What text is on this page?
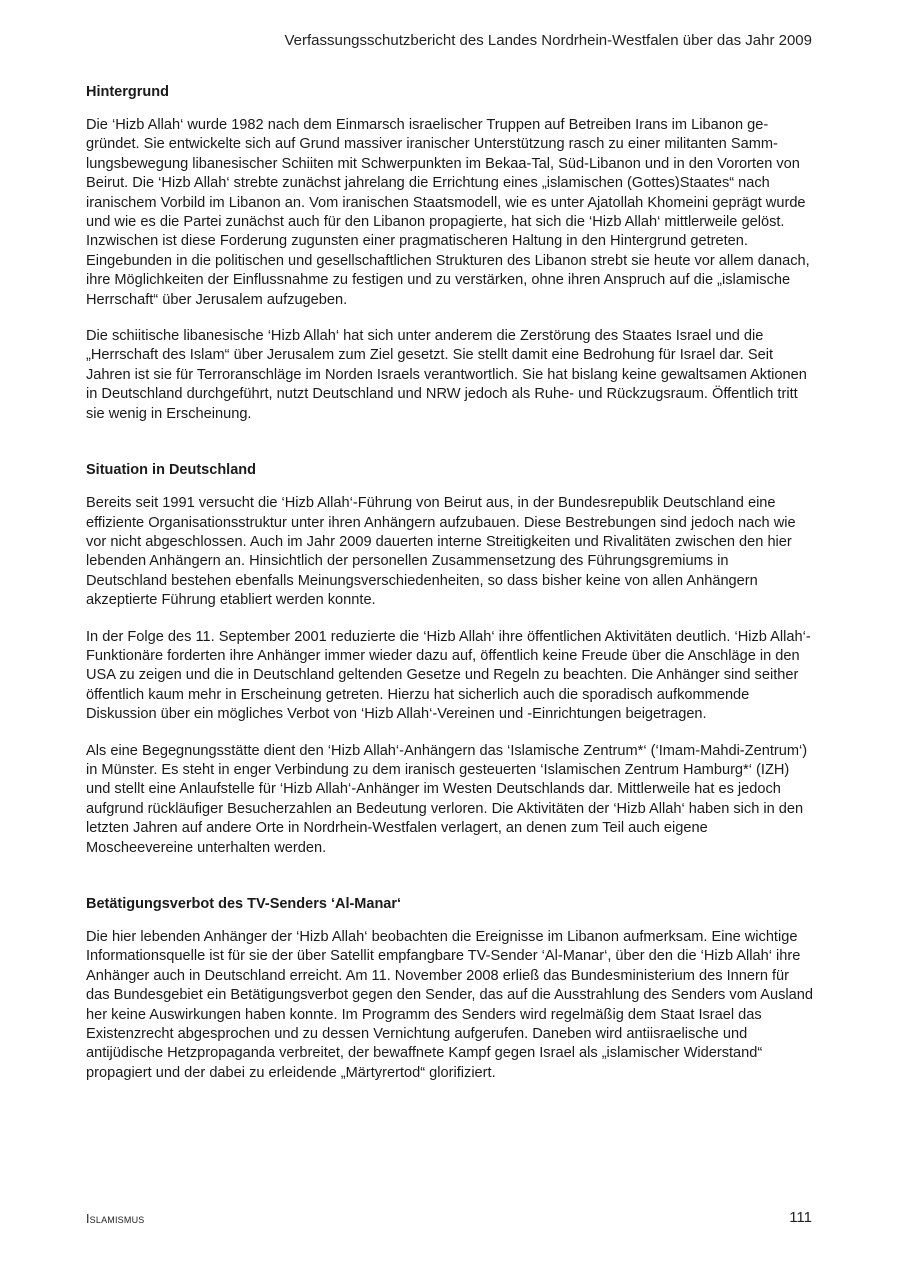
Verfassungsschutzbericht des Landes Nordrhein-Westfalen über das Jahr 2009
Hintergrund

Die ‘Hizb Allah‘ wurde 1982 nach dem Einmarsch israelischer Truppen auf Betreiben Irans im Libanon gegründet. Sie entwickelte sich auf Grund massiver iranischer Unterstützung rasch zu einer militanten Sammlungsbewegung libanesischer Schiiten mit Schwerpunkten im Bekaa-Tal, Süd-Libanon und in den Vororten von Beirut. Die ‘Hizb Allah‘ strebte zunächst jahrelang die Errichtung eines „islamischen (Gottes)Staates“ nach iranischem Vorbild im Libanon an. Vom iranischen Staatsmodell, wie es unter Ajatollah Khomeini geprägt wurde und wie es die Partei zunächst auch für den Libanon propagierte, hat sich die ‘Hizb Allah‘ mittlerweile gelöst. Inzwischen ist diese Forderung zugunsten einer pragmatischeren Haltung in den Hintergrund getreten. Eingebunden in die politischen und gesellschaftlichen Strukturen des Libanon strebt sie heute vor allem danach, ihre Möglichkeiten der Einflussnahme zu festigen und zu verstärken, ohne ihren Anspruch auf die „islamische Herrschaft“ über Jerusalem aufzugeben.

Die schiitische libanesische ‘Hizb Allah‘ hat sich unter anderem die Zerstörung des Staates Israel und die „Herrschaft des Islam“ über Jerusalem zum Ziel gesetzt. Sie stellt damit eine Bedrohung für Israel dar. Seit Jahren ist sie für Terroranschläge im Norden Israels verantwortlich. Sie hat bislang keine gewaltsamen Aktionen in Deutschland durchgeführt, nutzt Deutschland und NRW jedoch als Ruhe- und Rückzugsraum. Öffentlich tritt sie wenig in Erscheinung.

Situation in Deutschland

Bereits seit 1991 versucht die ‘Hizb Allah‘-Führung von Beirut aus, in der Bundesrepublik Deutschland eine effiziente Organisationsstruktur unter ihren Anhängern aufzubauen. Diese Bestrebungen sind jedoch nach wie vor nicht abgeschlossen. Auch im Jahr 2009 dauerten interne Streitigkeiten und Rivalitäten zwischen den hier lebenden Anhängern an. Hinsichtlich der personellen Zusammensetzung des Führungsgremiums in Deutschland bestehen ebenfalls Meinungsverschiedenheiten, so dass bisher keine von allen Anhängern akzeptierte Führung etabliert werden konnte.

In der Folge des 11. September 2001 reduzierte die ‘Hizb Allah‘ ihre öffentlichen Aktivitäten deutlich. ‘Hizb Allah‘-Funktionäre forderten ihre Anhänger immer wieder dazu auf, öffentlich keine Freude über die Anschläge in den USA zu zeigen und die in Deutschland geltenden Gesetze und Regeln zu beachten. Die Anhänger sind seither öffentlich kaum mehr in Erscheinung getreten. Hierzu hat sicherlich auch die sporadisch aufkommende Diskussion über ein mögliches Verbot von ‘Hizb Allah‘-Vereinen und -Einrichtungen beigetragen.

Als eine Begegnungsstätte dient den ‘Hizb Allah‘-Anhängern das ‘Islamische Zentrum*‘ (‘Imam-Mahdi-Zentrum‘) in Münster. Es steht in enger Verbindung zu dem iranisch gesteuerten ‘Islamischen Zentrum Hamburg*‘ (IZH) und stellt eine Anlaufstelle für ‘Hizb Allah‘-Anhänger im Westen Deutschlands dar. Mittlerweile hat es jedoch aufgrund rückläufiger Besucherzahlen an Bedeutung verloren. Die Aktivitäten der ‘Hizb Allah‘ haben sich in den letzten Jahren auf andere Orte in Nordrhein-Westfalen verlagert, an denen zum Teil auch eigene Moscheevereine unterhalten werden.

Betätigungsverbot des TV-Senders ‘Al-Manar‘

Die hier lebenden Anhänger der ‘Hizb Allah‘ beobachten die Ereignisse im Libanon aufmerksam. Eine wichtige Informationsquelle ist für sie der über Satellit empfangbare TV-Sender ‘Al-Manar‘, über den die ‘Hizb Allah‘ ihre Anhänger auch in Deutschland erreicht. Am 11. November 2008 erließ das Bundesministerium des Innern für das Bundesgebiet ein Betätigungsverbot gegen den Sender, das auf die Ausstrahlung des Senders vom Ausland her keine Auswirkungen haben konnte. Im Programm des Senders wird regelmäßig dem Staat Israel das Existenzrecht abgesprochen und zu dessen Vernichtung aufgerufen. Daneben wird antiisraelische und antijüdische Hetzpropaganda verbreitet, der bewaffnete Kampf gegen Israel als „islamischer Widerstand“ propagiert und der dabei zu erleidende „Märtyrertod“ glorifiziert.

Islamismus	111
